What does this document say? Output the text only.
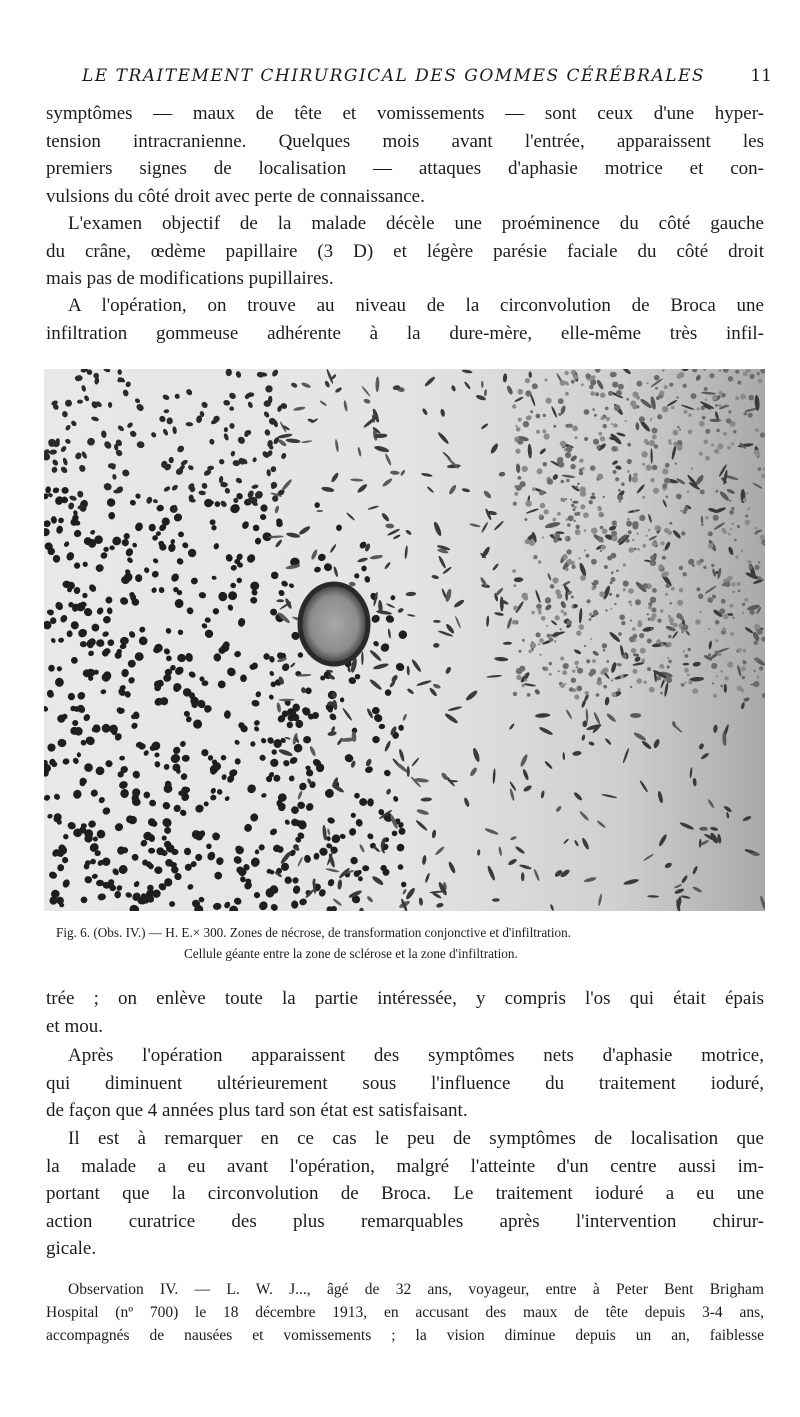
LE TRAITEMENT CHIRURGICAL DES GOMMES CÉRÉBRALES	11
symptômes — maux de tête et vomissements — sont ceux d'une hyper-
tension intracranienne. Quelques mois avant l'entrée, apparaissent les
premiers signes de localisation — attaques d'aphasie motrice et con-
vulsions du côté droit avec perte de connaissance.
L'examen objectif de la malade décèle une proéminence du côté gauche
du crâne, œdème papillaire (3 D) et légère parésie faciale du côté droit
mais pas de modifications pupillaires.
A l'opération, on trouve au niveau de la circonvolution de Broca une
infiltration gommeuse adhérente à la dure-mère, elle-même très infil-
Fig. 6. (Obs. IV.) — H. E.× 300. Zones de nécrose, de transformation conjonctive et d'infiltration.
Cellule géante entre la zone de sclérose et la zone d'infiltration.
trée ; on enlève toute la partie intéressée, y compris l'os qui était épais
et mou.
Après l'opération apparaissent des symptômes nets d'aphasie motrice,
qui diminuent ultérieurement sous l'influence du traitement ioduré,
de façon que 4 années plus tard son état est satisfaisant.
Il est à remarquer en ce cas le peu de symptômes de localisation que
la malade a eu avant l'opération, malgré l'atteinte d'un centre aussi im-
portant que la circonvolution de Broca. Le traitement ioduré a eu une
action curatrice des plus remarquables après l'intervention chirur-
gicale.
Observation IV. — L. W. J..., âgé de 32 ans, voyageur, entre à Peter Bent Brigham
Hospital (nº 700) le 18 décembre 1913, en accusant des maux de tête depuis 3-4 ans,
accompagnés de nausées et vomissements ; la vision diminue depuis un an, faiblesse
